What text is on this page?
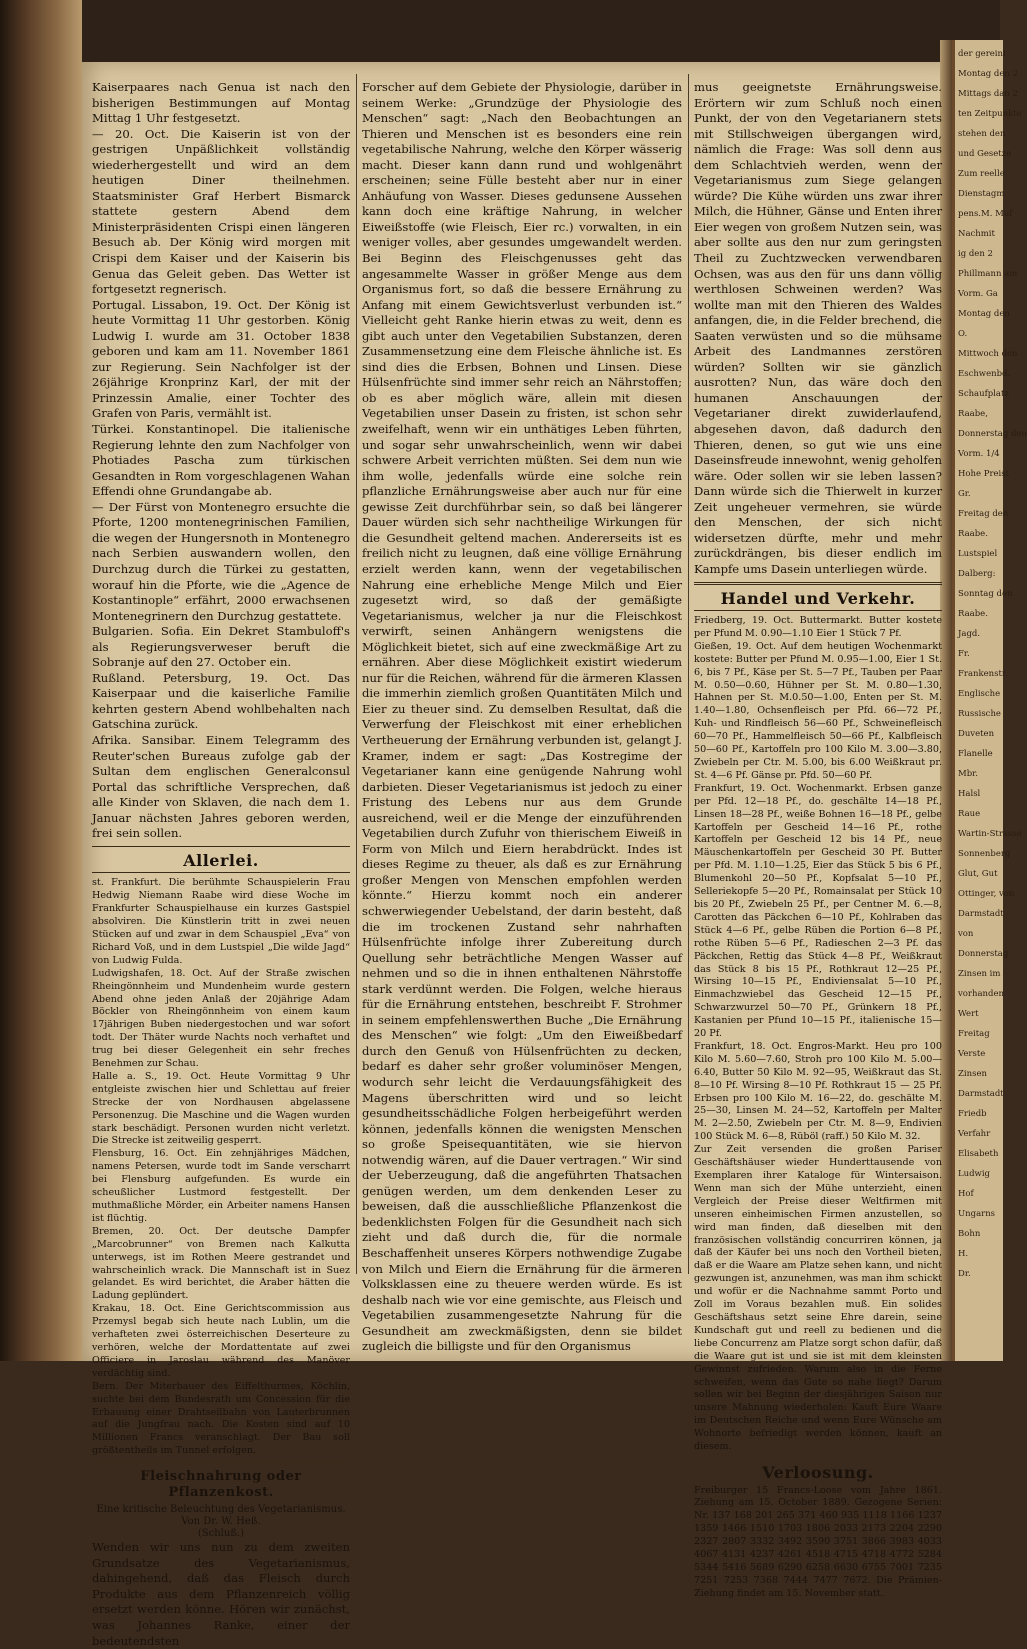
Kaiserpaares nach Genua ist nach den bisherigen Bestimmungen auf Montag Mittag 1 Uhr festgesetzt.

— 20. Oct. Die Kaiserin ist von der gestrigen Unpäßlichkeit vollständig wiederhergestellt und wird an dem heutigen Diner theilnehmen. Staatsminister Graf Herbert Bismarck stattete gestern Abend dem Ministerpräsidenten Crispi einen längeren Besuch ab. Der König wird morgen mit Crispi dem Kaiser und der Kaiserin bis Genua das Geleit geben. Das Wetter ist fortgesetzt regnerisch.

Portugal. Lissabon, 19. Oct. Der König ist heute Vormittag 11 Uhr gestorben. König Ludwig I. wurde am 31. October 1838 geboren und kam am 11. November 1861 zur Regierung. Sein Nachfolger ist der 26jährige Kronprinz Karl, der mit der Prinzessin Amalie, einer Tochter des Grafen von Paris, vermählt ist.

Türkei. Konstantinopel. Die italienische Regierung lehnte den zum Nachfolger von Photiades Pascha zum türkischen Gesandten in Rom vorgeschlagenen Wahan Effendi ohne Grundangabe ab.

— Der Fürst von Montenegro ersuchte die Pforte, 1200 montenegrinischen Familien, die wegen der Hungersnoth in Montenegro nach Serbien auswandern wollen, den Durchzug durch die Türkei zu gestatten, worauf hin die Pforte, wie die „Agence de Kostantinople“ erfährt, 2000 erwachsenen Montenegrinern den Durchzug gestattete.

Bulgarien. Sofia. Ein Dekret Stambuloff's als Regierungsverweser beruft die Sobranje auf den 27. October ein.

Rußland. Petersburg, 19. Oct. Das Kaiserpaar und die kaiserliche Familie kehrten gestern Abend wohlbehalten nach Gatschina zurück.

Afrika. Sansibar. Einem Telegramm des Reuter'schen Bureaus zufolge gab der Sultan dem englischen Generalconsul Portal das schriftliche Versprechen, daß alle Kinder von Sklaven, die nach dem 1. Januar nächsten Jahres geboren werden, frei sein sollen.

Allerlei.

st. Frankfurt. Die berühmte Schauspielerin Frau Hedwig Niemann Raabe wird diese Woche im Frankfurter Schauspielhause ein kurzes Gastspiel absolviren. Die Künstlerin tritt in zwei neuen Stücken auf und zwar in dem Schauspiel „Eva“ von Richard Voß, und in dem Lustspiel „Die wilde Jagd“ von Ludwig Fulda.

Ludwigshafen, 18. Oct. Auf der Straße zwischen Rheingönnheim und Mundenheim wurde gestern Abend ohne jeden Anlaß der 20jährige Adam Böckler von Rheingönnheim von einem kaum 17jährigen Buben niedergestochen und war sofort todt. Der Thäter wurde Nachts noch verhaftet und trug bei dieser Gelegenheit ein sehr freches Benehmen zur Schau.

Halle a. S., 19. Oct. Heute Vormittag 9 Uhr entgleiste zwischen hier und Schlettau auf freier Strecke der von Nordhausen abgelassene Personenzug. Die Maschine und die Wagen wurden stark beschädigt. Personen wurden nicht verletzt. Die Strecke ist zeitweilig gesperrt.

Flensburg, 16. Oct. Ein zehnjähriges Mädchen, namens Petersen, wurde todt im Sande verscharrt bei Flensburg aufgefunden. Es wurde ein scheußlicher Lustmord festgestellt. Der muthmaßliche Mörder, ein Arbeiter namens Hansen ist flüchtig.

Bremen, 20. Oct. Der deutsche Dampfer „Marcobrunner“ von Bremen nach Kalkutta unterwegs, ist im Rothen Meere gestrandet und wahrscheinlich wrack. Die Mannschaft ist in Suez gelandet. Es wird berichtet, die Araber hätten die Ladung geplündert.

Krakau, 18. Oct. Eine Gerichtscommission aus Przemysl begab sich heute nach Lublin, um die verhafteten zwei österreichischen Deserteure zu verhören, welche der Mordattentate auf zwei Officiere in Jaroslau während des Manöver verdächtig sind.

Bern. Der Miterbauer des Eiffelthurmes, Köchlin, suchte bei dem Bundesrath um Concession für die Erbauung einer Drahtseilbahn von Lauterbrunnen auf die Jungfrau nach. Die Kosten sind auf 10 Millionen Francs veranschlagt. Der Bau soll größtentheils im Tunnel erfolgen.

Fleischnahrung oder Pflanzenkost.
Eine kritische Beleuchtung des Vegetarianismus.
Von Dr. W. Heß.
(Schluß.)

Wenden wir uns nun zu dem zweiten Grundsatze des Vegetarianismus, dahingehend, daß das Fleisch durch Produkte aus dem Pflanzenreich völlig ersetzt werden könne. Hören wir zunächst, was Johannes Ranke, einer der bedeutendsten

Forscher auf dem Gebiete der Physiologie, darüber in seinem Werke: „Grundzüge der Physiologie des Menschen“ sagt: „Nach den Beobachtungen an Thieren und Menschen ist es besonders eine rein vegetabilische Nahrung, welche den Körper wässerig macht. Dieser kann dann rund und wohlgenährt erscheinen; seine Fülle besteht aber nur in einer Anhäufung von Wasser. Dieses gedunsene Aussehen kann doch eine kräftige Nahrung, in welcher Eiweißstoffe (wie Fleisch, Eier rc.) vorwalten, in ein weniger volles, aber gesundes umgewandelt werden. Bei Beginn des Fleischgenusses geht das angesammelte Wasser in größer Menge aus dem Organismus fort, so daß die bessere Ernährung zu Anfang mit einem Gewichtsverlust verbunden ist.“ Vielleicht geht Ranke hierin etwas zu weit, denn es gibt auch unter den Vegetabilien Substanzen, deren Zusammensetzung eine dem Fleische ähnliche ist. Es sind dies die Erbsen, Bohnen und Linsen. Diese Hülsenfrüchte sind immer sehr reich an Nährstoffen; ob es aber möglich wäre, allein mit diesen Vegetabilien unser Dasein zu fristen, ist schon sehr zweifelhaft, wenn wir ein unthätiges Leben führten, und sogar sehr unwahrscheinlich, wenn wir dabei schwere Arbeit verrichten müßten. Sei dem nun wie ihm wolle, jedenfalls würde eine solche rein pflanzliche Ernährungsweise aber auch nur für eine gewisse Zeit durchführbar sein, so daß bei längerer Dauer würden sich sehr nachtheilige Wirkungen für die Gesundheit geltend machen. Andererseits ist es freilich nicht zu leugnen, daß eine völlige Ernährung erzielt werden kann, wenn der vegetabilischen Nahrung eine erhebliche Menge Milch und Eier zugesetzt wird, so daß der gemäßigte Vegetarianismus, welcher ja nur die Fleischkost verwirft, seinen Anhängern wenigstens die Möglichkeit bietet, sich auf eine zweckmäßige Art zu ernähren. Aber diese Möglichkeit existirt wiederum nur für die Reichen, während für die ärmeren Klassen die immerhin ziemlich großen Quantitäten Milch und Eier zu theuer sind. Zu demselben Resultat, daß die Verwerfung der Fleischkost mit einer erheblichen Vertheuerung der Ernährung verbunden ist, gelangt J. Kramer, indem er sagt: „Das Kostregime der Vegetarianer kann eine genügende Nahrung wohl darbieten. Dieser Vegetarianismus ist jedoch zu einer Fristung des Lebens nur aus dem Grunde ausreichend, weil er die Menge der einzuführenden Vegetabilien durch Zufuhr von thierischem Eiweiß in Form von Milch und Eiern herabdrückt. Indes ist dieses Regime zu theuer, als daß es zur Ernährung großer Mengen von Menschen empfohlen werden könnte.“ Hierzu kommt noch ein anderer schwerwiegender Uebelstand, der darin besteht, daß die im trockenen Zustand sehr nahrhaften Hülsenfrüchte infolge ihrer Zubereitung durch Quellung sehr beträchtliche Mengen Wasser auf nehmen und so die in ihnen enthaltenen Nährstoffe stark verdünnt werden. Die Folgen, welche hieraus für die Ernährung entstehen, beschreibt F. Strohmer in seinem empfehlenswerthen Buche „Die Ernährung des Menschen“ wie folgt: „Um den Eiweißbedarf durch den Genuß von Hülsenfrüchten zu decken, bedarf es daher sehr großer voluminöser Mengen, wodurch sehr leicht die Verdauungsfähigkeit des Magens überschritten wird und so leicht gesundheitsschädliche Folgen herbeigeführt werden können, jedenfalls können die wenigsten Menschen so große Speisequantitäten, wie sie hiervon notwendig wären, auf die Dauer vertragen.“ Wir sind der Ueberzeugung, daß die angeführten Thatsachen genügen werden, um dem denkenden Leser zu beweisen, daß die ausschließliche Pflanzenkost die bedenklichsten Folgen für die Gesundheit nach sich zieht und daß durch die, für die normale Beschaffenheit unseres Körpers nothwendige Zugabe von Milch und Eiern die Ernährung für die ärmeren Volksklassen eine zu theuere werden würde. Es ist deshalb nach wie vor eine gemischte, aus Fleisch und Vegetabilien zusammengesetzte Nahrung für die Gesundheit am zweckmäßigsten, denn sie bildet zugleich die billigste und für den Organismus

mus geeignetste Ernährungsweise. Erörtern wir zum Schluß noch einen Punkt, der von den Vegetarianern stets mit Stillschweigen übergangen wird, nämlich die Frage: Was soll denn aus dem Schlachtvieh werden, wenn der Vegetarianismus zum Siege gelangen würde? Die Kühe würden uns zwar ihrer Milch, die Hühner, Gänse und Enten ihrer Eier wegen von großem Nutzen sein, was aber sollte aus den nur zum geringsten Theil zu Zuchtzwecken verwendbaren Ochsen, was aus den für uns dann völlig werthlosen Schweinen werden? Was wollte man mit den Thieren des Waldes anfangen, die, in die Felder brechend, die Saaten verwüsten und so die mühsame Arbeit des Landmannes zerstören würden? Sollten wir sie gänzlich ausrotten? Nun, das wäre doch den humanen Anschauungen der Vegetarianer direkt zuwiderlaufend, abgesehen davon, daß dadurch den Thieren, denen, so gut wie uns eine Daseinsfreude innewohnt, wenig geholfen wäre. Oder sollen wir sie leben lassen? Dann würde sich die Thierwelt in kurzer Zeit ungeheuer vermehren, sie würde den Menschen, der sich nicht widersetzen dürfte, mehr und mehr zurückdrängen, bis dieser endlich im Kampfe ums Dasein unterliegen würde.

Handel und Verkehr.

Friedberg, 19. Oct. Buttermarkt. Butter kostete per Pfund M. 0.90—1.10 Eier 1 Stück 7 Pf.

Gießen, 19. Oct. Auf dem heutigen Wochenmarkt kostete: Butter per Pfund M. 0.95—1.00, Eier 1 St. 6, bis 7 Pf., Käse per St. 5—7 Pf., Tauben per Paar M. 0.50—0.60, Hühner per St. M. 0.80—1.30, Hahnen per St. M.0.50—1.00, Enten per St. M. 1.40—1.80, Ochsenfleisch per Pfd. 66—72 Pf., Kuh- und Rindfleisch 56—60 Pf., Schweinefleisch 60—70 Pf., Hammelfleisch 50—66 Pf., Kalbfleisch 50—60 Pf., Kartoffeln pro 100 Kilo M. 3.00—3.80, Zwiebeln per Ctr. M. 5.00, bis 6.00 Weißkraut pr. St. 4—6 Pf. Gänse pr. Pfd. 50—60 Pf.

Frankfurt, 19. Oct. Wochenmarkt. Erbsen ganze per Pfd. 12—18 Pf., do. geschälte 14—18 Pf., Linsen 18—28 Pf., weiße Bohnen 16—18 Pf., gelbe Kartoffeln per Gescheid 14—16 Pf., rothe Kartoffeln per Gescheid 12 bis 14 Pf., neue Mäuschenkartoffeln per Gescheid 30 Pf. Butter per Pfd. M. 1.10—1.25, Eier das Stück 5 bis 6 Pf., Blumenkohl 20—50 Pf., Kopfsalat 5—10 Pf., Selleriekopfe 5—20 Pf., Romainsalat per Stück 10 bis 20 Pf., Zwiebeln 25 Pf., per Centner M. 6.—8, Carotten das Päckchen 6—10 Pf., Kohlraben das Stück 4—6 Pf., gelbe Rüben die Portion 6—8 Pf., rothe Rüben 5—6 Pf., Radieschen 2—3 Pf. das Päckchen, Rettig das Stück 4—8 Pf., Weißkraut das Stück 8 bis 15 Pf., Rothkraut 12—25 Pf., Wirsing 10—15 Pf., Endiviensalat 5—10 Pf., Einmachzwiebel das Gescheid 12—15 Pf., Schwarzwurzel 50—70 Pf., Grünkern 18 Pf., Kastanien per Pfund 10—15 Pf., italienische 15—20 Pf.

Frankfurt, 18. Oct. Engros-Markt. Heu pro 100 Kilo M. 5.60—7.60, Stroh pro 100 Kilo M. 5.00—6.40, Butter 50 Kilo M. 92—95, Weißkraut das St. 8—10 Pf. Wirsing 8—10 Pf. Rothkraut 15 — 25 Pf. Erbsen pro 100 Kilo M. 16—22, do. geschälte M. 25—30, Linsen M. 24—52, Kartoffeln per Malter M. 2—2.50, Zwiebeln per Ctr. M. 8—9, Endivien 100 Stück M. 6—8, Rüböl (raff.) 50 Kilo M. 32.

Zur Zeit versenden die großen Pariser Geschäftshäuser wieder Hunderttausende von Exemplaren ihrer Kataloge für Wintersaison. Wenn man sich der Mühe unterzieht, einen Vergleich der Preise dieser Weltfirmen mit unseren einheimischen Firmen anzustellen, so wird man finden, daß dieselben mit den französischen vollständig concurriren können, ja daß der Käufer bei uns noch den Vortheil bieten, daß er die Waare am Platze sehen kann, und nicht gezwungen ist, anzunehmen, was man ihm schickt und wofür er die Nachnahme sammt Porto und Zoll im Voraus bezahlen muß. Ein solides Geschäftshaus setzt seine Ehre darein, seine Kundschaft gut und reell zu bedienen und die liebe Concurrenz am Platze sorgt schon dafür, daß die Waare gut ist und sie ist mit dem kleinsten Gewinnst zufrieden. Warum also in die Ferne schweifen, wenn das Gute so nahe liegt? Darum sollen wir bei Beginn der diesjährigen Saison nur unsere Mahnung wiederholen: Kauft Eure Waare im Deutschen Reiche und wenn Eure Wünsche am Wohnorte befriedigt werden können, kauft an diesem.

Verloosung.

Freiburger 15 Francs-Loose vom Jahre 1861. Ziehung am 15. October 1889. Gezogene Serien: Nr. 137 168 201 265 371 460 935 1118 1166 1237 1359 1466 1510 1703 1806 2033 2173 2204 2290 2327 2807 3332 3492 3590 3751 3866 3983 4033 4067 4131 4237 4261 4518 4715 4718 4772 5284 5344 5416 5689 6290 6258 6630 6755 7001 7235 7251 7253 7368 7444 7477 7672. Die Prämien-Ziehung findet am 15. November statt.

der gereini
Montag den 2
Mittags dan 2
ten Zeitpunkte
stehen den
und Gesetze
Zum reelle
Dienstagm
pens.M. Muf
Nachmit
ig den 2
Phillmann am
Vorm. Ga
Montag den
O.
Mittwoch den
Eschwenbd.
Schaufplatz
Raabe,
Donnerstag den
Vorm. 1/4
Hohe Preist
Gr.
Freitag den
Raabe.
Lustspiel
Dalberg:
Sonntag den
Raabe.
Jagd.
Fr.
Frankenstr.
Englische
Russische
Duveten
Flanelle
Mbr.
Halsl
Raue
Wartin-Strasse
Sonnenberg
Glut, Gut
Ottinger, von
Darmstadt
von
Donnerstag
Zinsen im
vorhanden
Wert
Freitag
Verste
Zinsen
Darmstadt
Friedb
Verfahr
Elisabeth
Ludwig
Hof
Ungarns
Bohn
H.
Dr.
